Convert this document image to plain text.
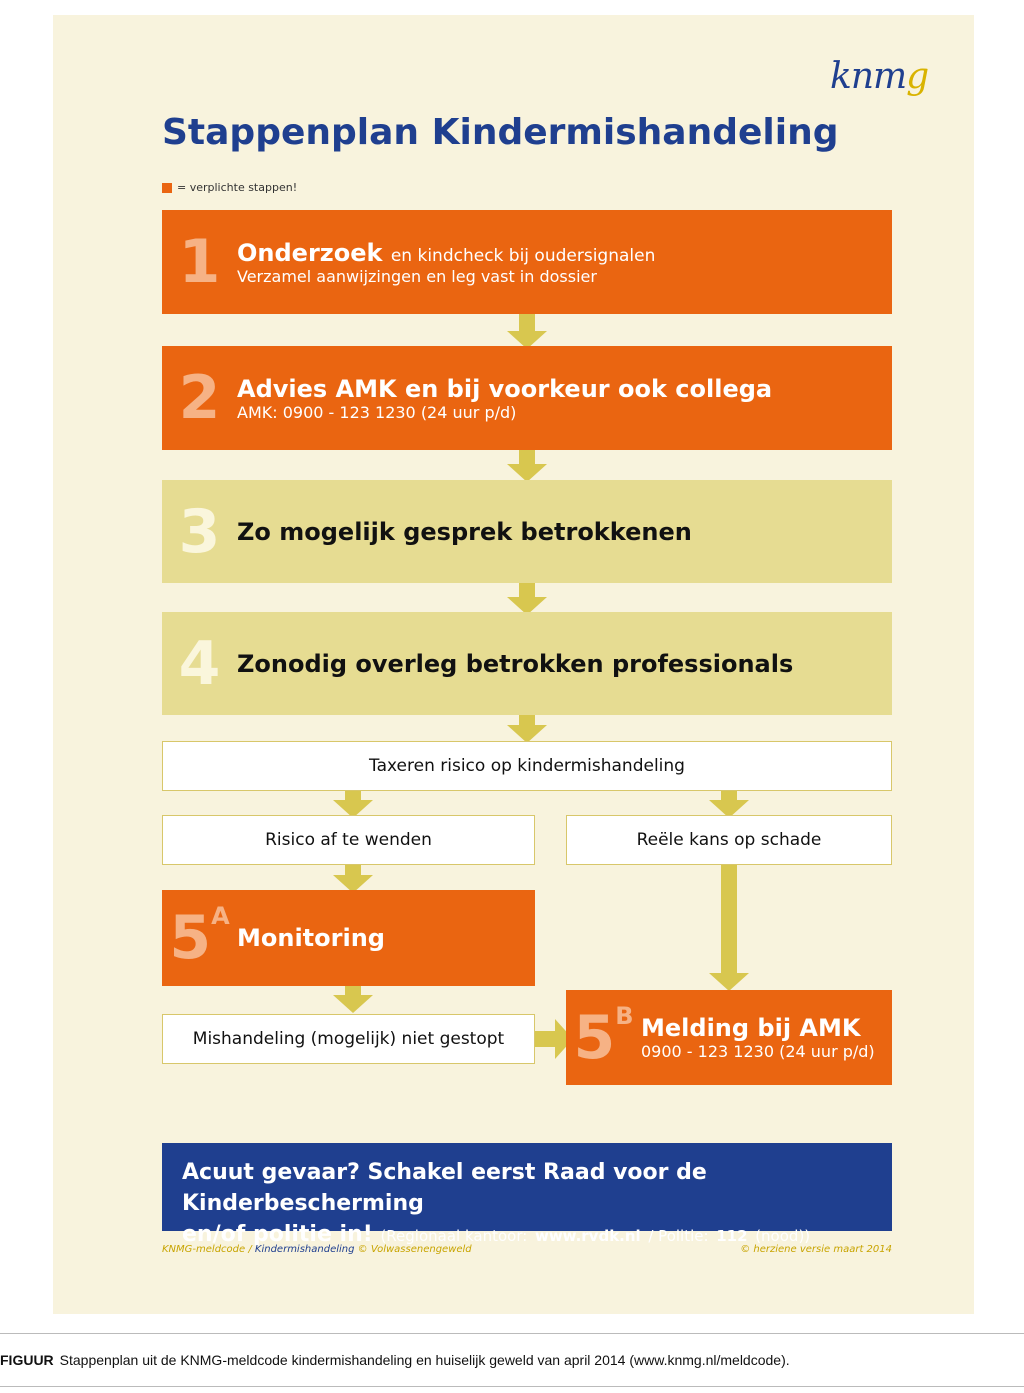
knmg
Stappenplan Kindermishandeling
= verplichte stappen!
1 Onderzoek en kindcheck bij oudersignalen
Verzamel aanwijzingen en leg vast in dossier
2 Advies AMK en bij voorkeur ook collega
AMK: 0900 - 123 1230 (24 uur p/d)
3 Zo mogelijk gesprek betrokkenen
4 Zonodig overleg betrokken professionals
Taxeren risico op kindermishandeling
Risico af te wenden	Reële kans op schade
$5^A$
Monitoring
Mishandeling (mogelijk) niet gestopt	$5^B$ Melding bij AMK
0900 - 123 1230 (24 uur p/d)
Acuut gevaar? Schakel eerst Raad voor de Kinderbescherming
en/of politie in! (Regionaal kantoor: www.rvdk.nl / Politie: 112 (nood))
KNMG-meldcode / Kindermishandeling © Volwassenengeweld	© herziene versie maart 2014
FIGUUR Stappenplan uit de KNMG-meldcode kindermishandeling en huiselijk geweld van april 2014 (www.knmg.nl/meldcode).
